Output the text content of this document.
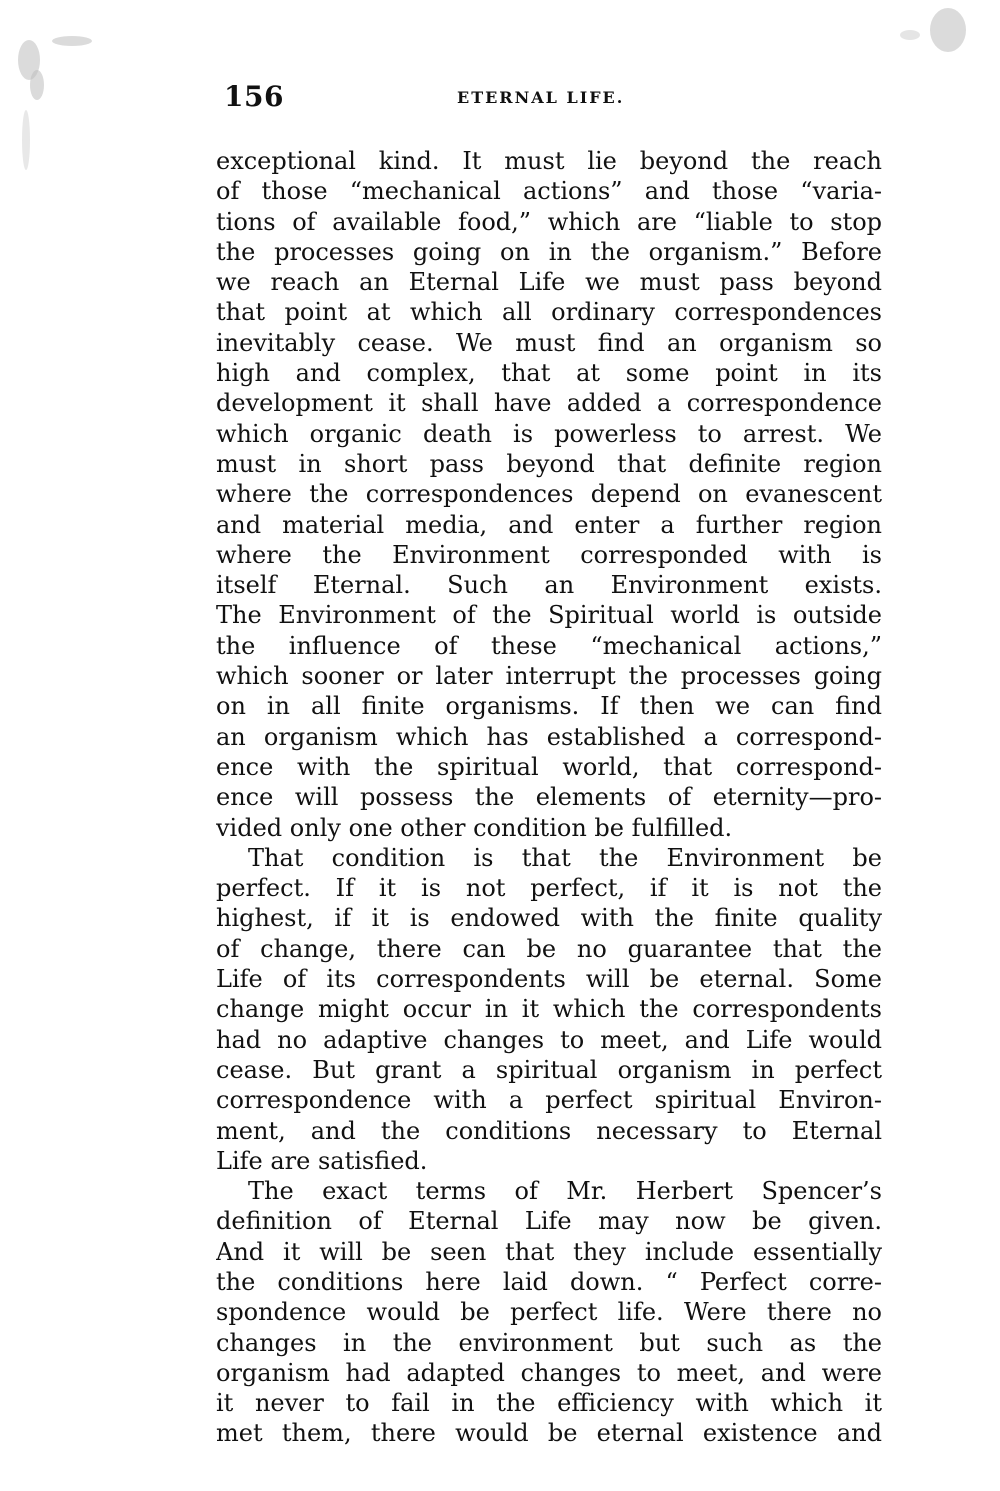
156	ETERNAL LIFE.
exceptional kind. It must lie beyond the reach
of those “mechanical actions” and those “varia-
tions of available food,” which are “liable to stop
the processes going on in the organism.” Before
we reach an Eternal Life we must pass beyond
that point at which all ordinary correspondences
inevitably cease. We must find an organism so
high and complex, that at some point in its
development it shall have added a correspondence
which organic death is powerless to arrest. We
must in short pass beyond that definite region
where the correspondences depend on evanescent
and material media, and enter a further region
where the Environment corresponded with is
itself Eternal. Such an Environment exists.
The Environment of the Spiritual world is outside
the influence of these “mechanical actions,”
which sooner or later interrupt the processes going
on in all finite organisms. If then we can find
an organism which has established a correspond-
ence with the spiritual world, that correspond-
ence will possess the elements of eternity—pro-
vided only one other condition be fulfilled.
That condition is that the Environment be
perfect. If it is not perfect, if it is not the
highest, if it is endowed with the finite quality
of change, there can be no guarantee that the
Life of its correspondents will be eternal. Some
change might occur in it which the correspondents
had no adaptive changes to meet, and Life would
cease. But grant a spiritual organism in perfect
correspondence with a perfect spiritual Environ-
ment, and the conditions necessary to Eternal
Life are satisfied.
The exact terms of Mr. Herbert Spencer’s
definition of Eternal Life may now be given.
And it will be seen that they include essentially
the conditions here laid down. “ Perfect corre-
spondence would be perfect life. Were there no
changes in the environment but such as the
organism had adapted changes to meet, and were
it never to fail in the efficiency with which it
met them, there would be eternal existence and
